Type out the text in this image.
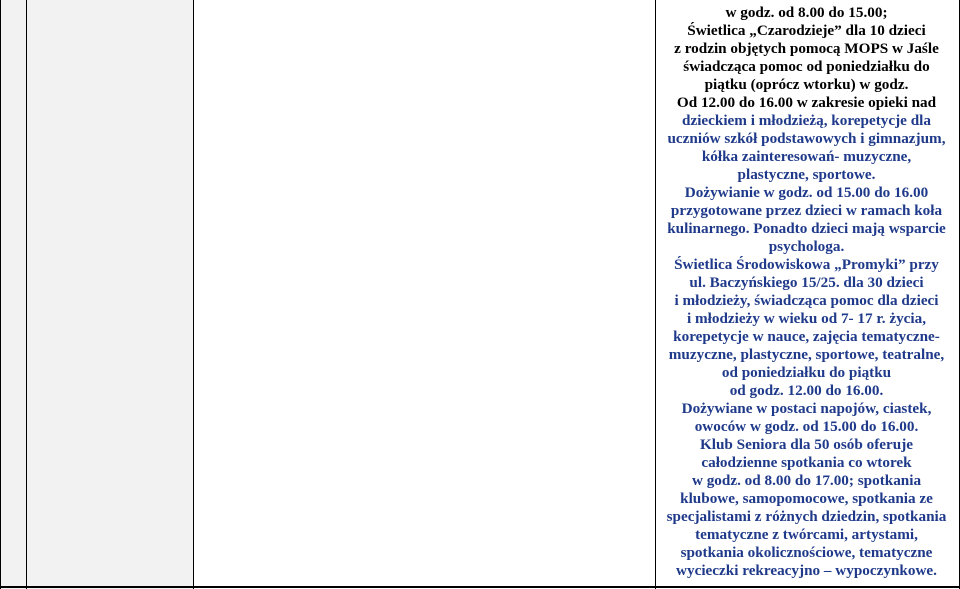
w godz. od 8.00 do 15.00;
Świetlica „Czarodzieje” dla 10 dzieci
z rodzin objętych pomocą MOPS w Jaśle
świadcząca pomoc od poniedziałku do
piątku (oprócz wtorku) w godz.
Od 12.00 do 16.00 w zakresie opieki nad
dzieckiem i młodzieżą, korepetycje dla
uczniów szkół podstawowych i gimnazjum,
kółka zainteresowań- muzyczne,
plastyczne, sportowe.
Dożywianie w godz. od 15.00 do 16.00
przygotowane przez dzieci w ramach koła
kulinarnego. Ponadto dzieci mają wsparcie
psychologa.
Świetlica Środowiskowa „Promyki” przy
ul. Baczyńskiego 15/25. dla 30 dzieci
i młodzieży, świadcząca pomoc dla dzieci
i młodzieży w wieku od 7- 17 r. życia,
korepetycje w nauce, zajęcia tematyczne-
muzyczne, plastyczne, sportowe, teatralne,
od poniedziałku do piątku
od godz. 12.00 do 16.00.
Dożywiane w postaci napojów, ciastek,
owoców w godz. od 15.00 do 16.00.
Klub Seniora dla 50 osób oferuje
całodzienne spotkania co wtorek
w godz. od 8.00 do 17.00; spotkania
klubowe, samopomocowe, spotkania ze
specjalistami z różnych dziedzin, spotkania
tematyczne z twórcami, artystami,
spotkania okolicznościowe, tematyczne
wycieczki rekreacyjno – wypoczynkowe.
